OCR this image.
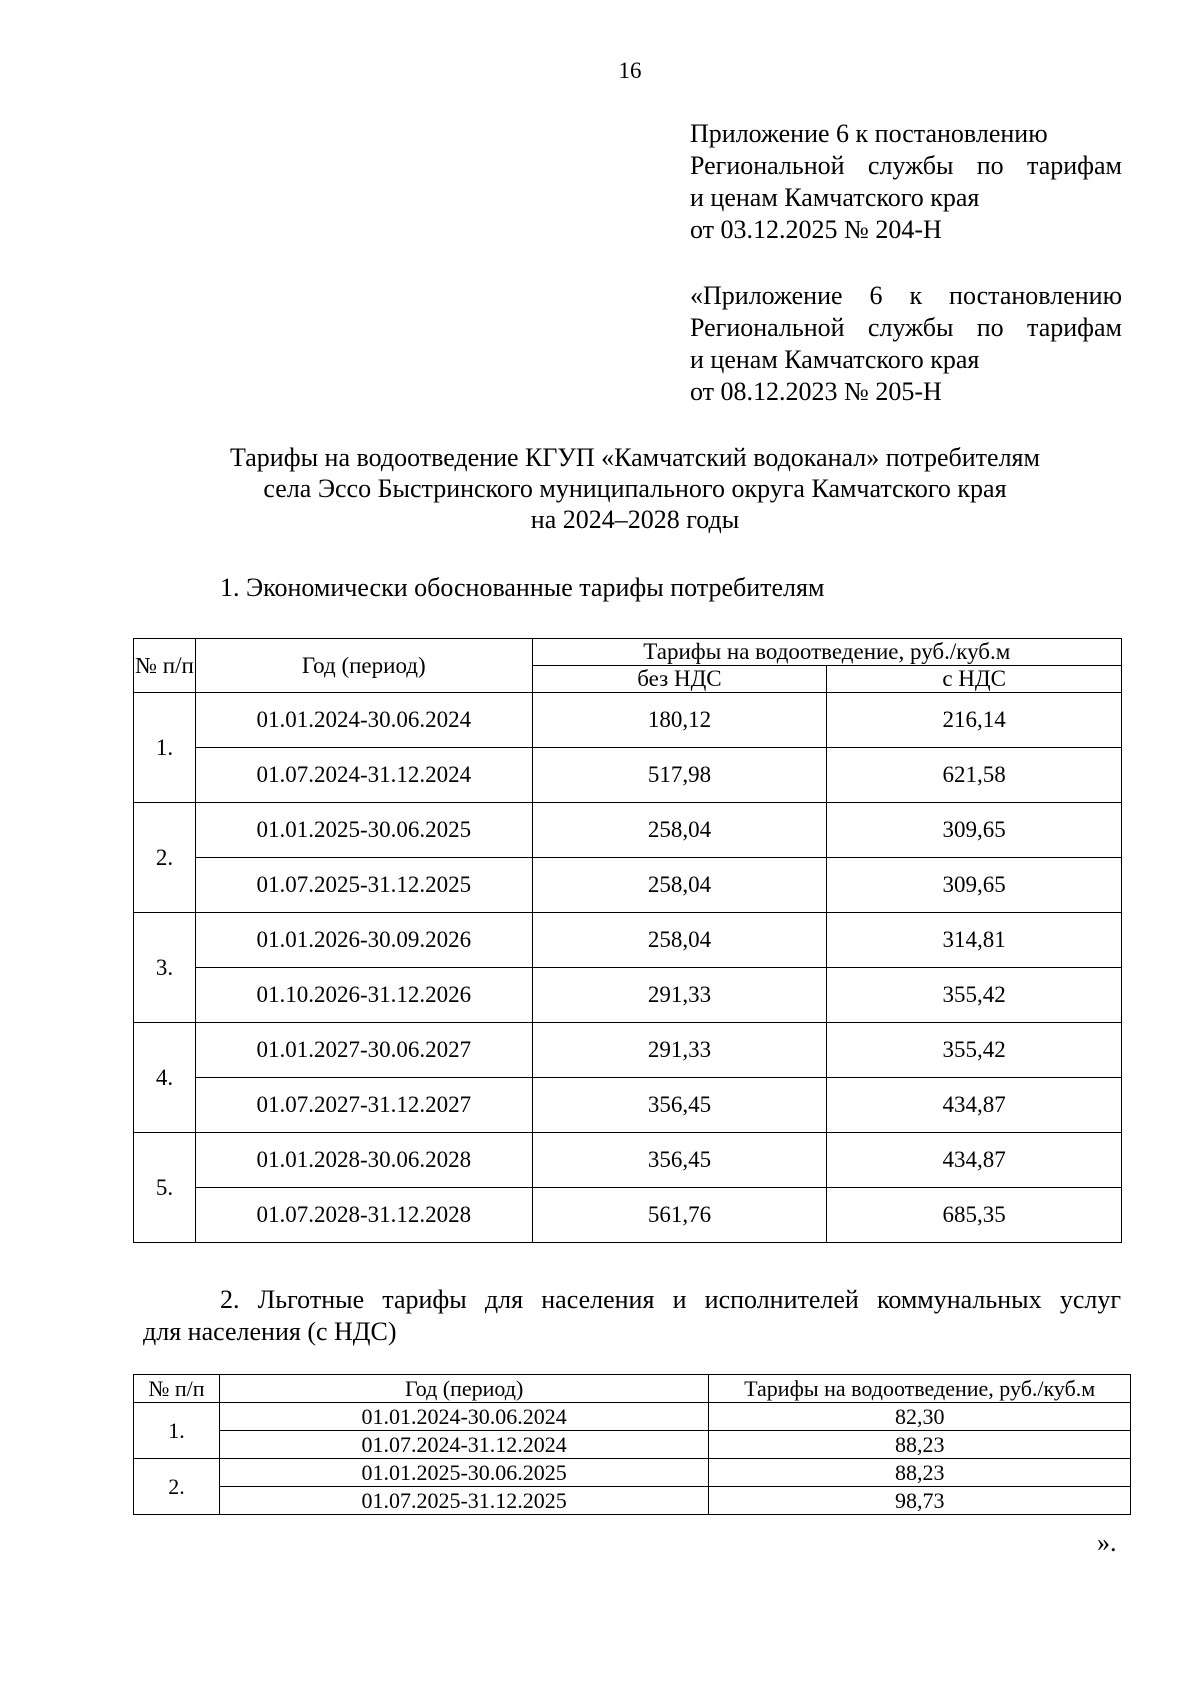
16
Приложение 6 к постановлению
Региональной службы по тарифам
и ценам Камчатского края
от 03.12.2025 № 204-Н
«Приложение 6 к постановлению
Региональной службы по тарифам
и ценам Камчатского края
от 08.12.2023 № 205-Н
Тарифы на водоотведение КГУП «Камчатский водоканал» потребителям
села Эссо Быстринского муниципального округа Камчатского края
на 2024–2028 годы
1. Экономически обоснованные тарифы потребителям
№ п/п	Год (период)	Тарифы на водоотведение, руб./куб.м	
		без НДС	с НДС
1.	01.01.2024-30.06.2024	180,12	216,14
	01.07.2024-31.12.2024	517,98	621,58
2.	01.01.2025-30.06.2025	258,04	309,65
	01.07.2025-31.12.2025	258,04	309,65
3.	01.01.2026-30.09.2026	258,04	314,81
	01.10.2026-31.12.2026	291,33	355,42
4.	01.01.2027-30.06.2027	291,33	355,42
	01.07.2027-31.12.2027	356,45	434,87
5.	01.01.2028-30.06.2028	356,45	434,87
	01.07.2028-31.12.2028	561,76	685,35
2. Льготные тарифы для населения и исполнителей коммунальных услуг
для населения (с НДС)
№ п/п	Год (период)	Тарифы на водоотведение, руб./куб.м
1.	01.01.2024-30.06.2024	82,30
	01.07.2024-31.12.2024	88,23
2.	01.01.2025-30.06.2025	88,23
	01.07.2025-31.12.2025	98,73
».
